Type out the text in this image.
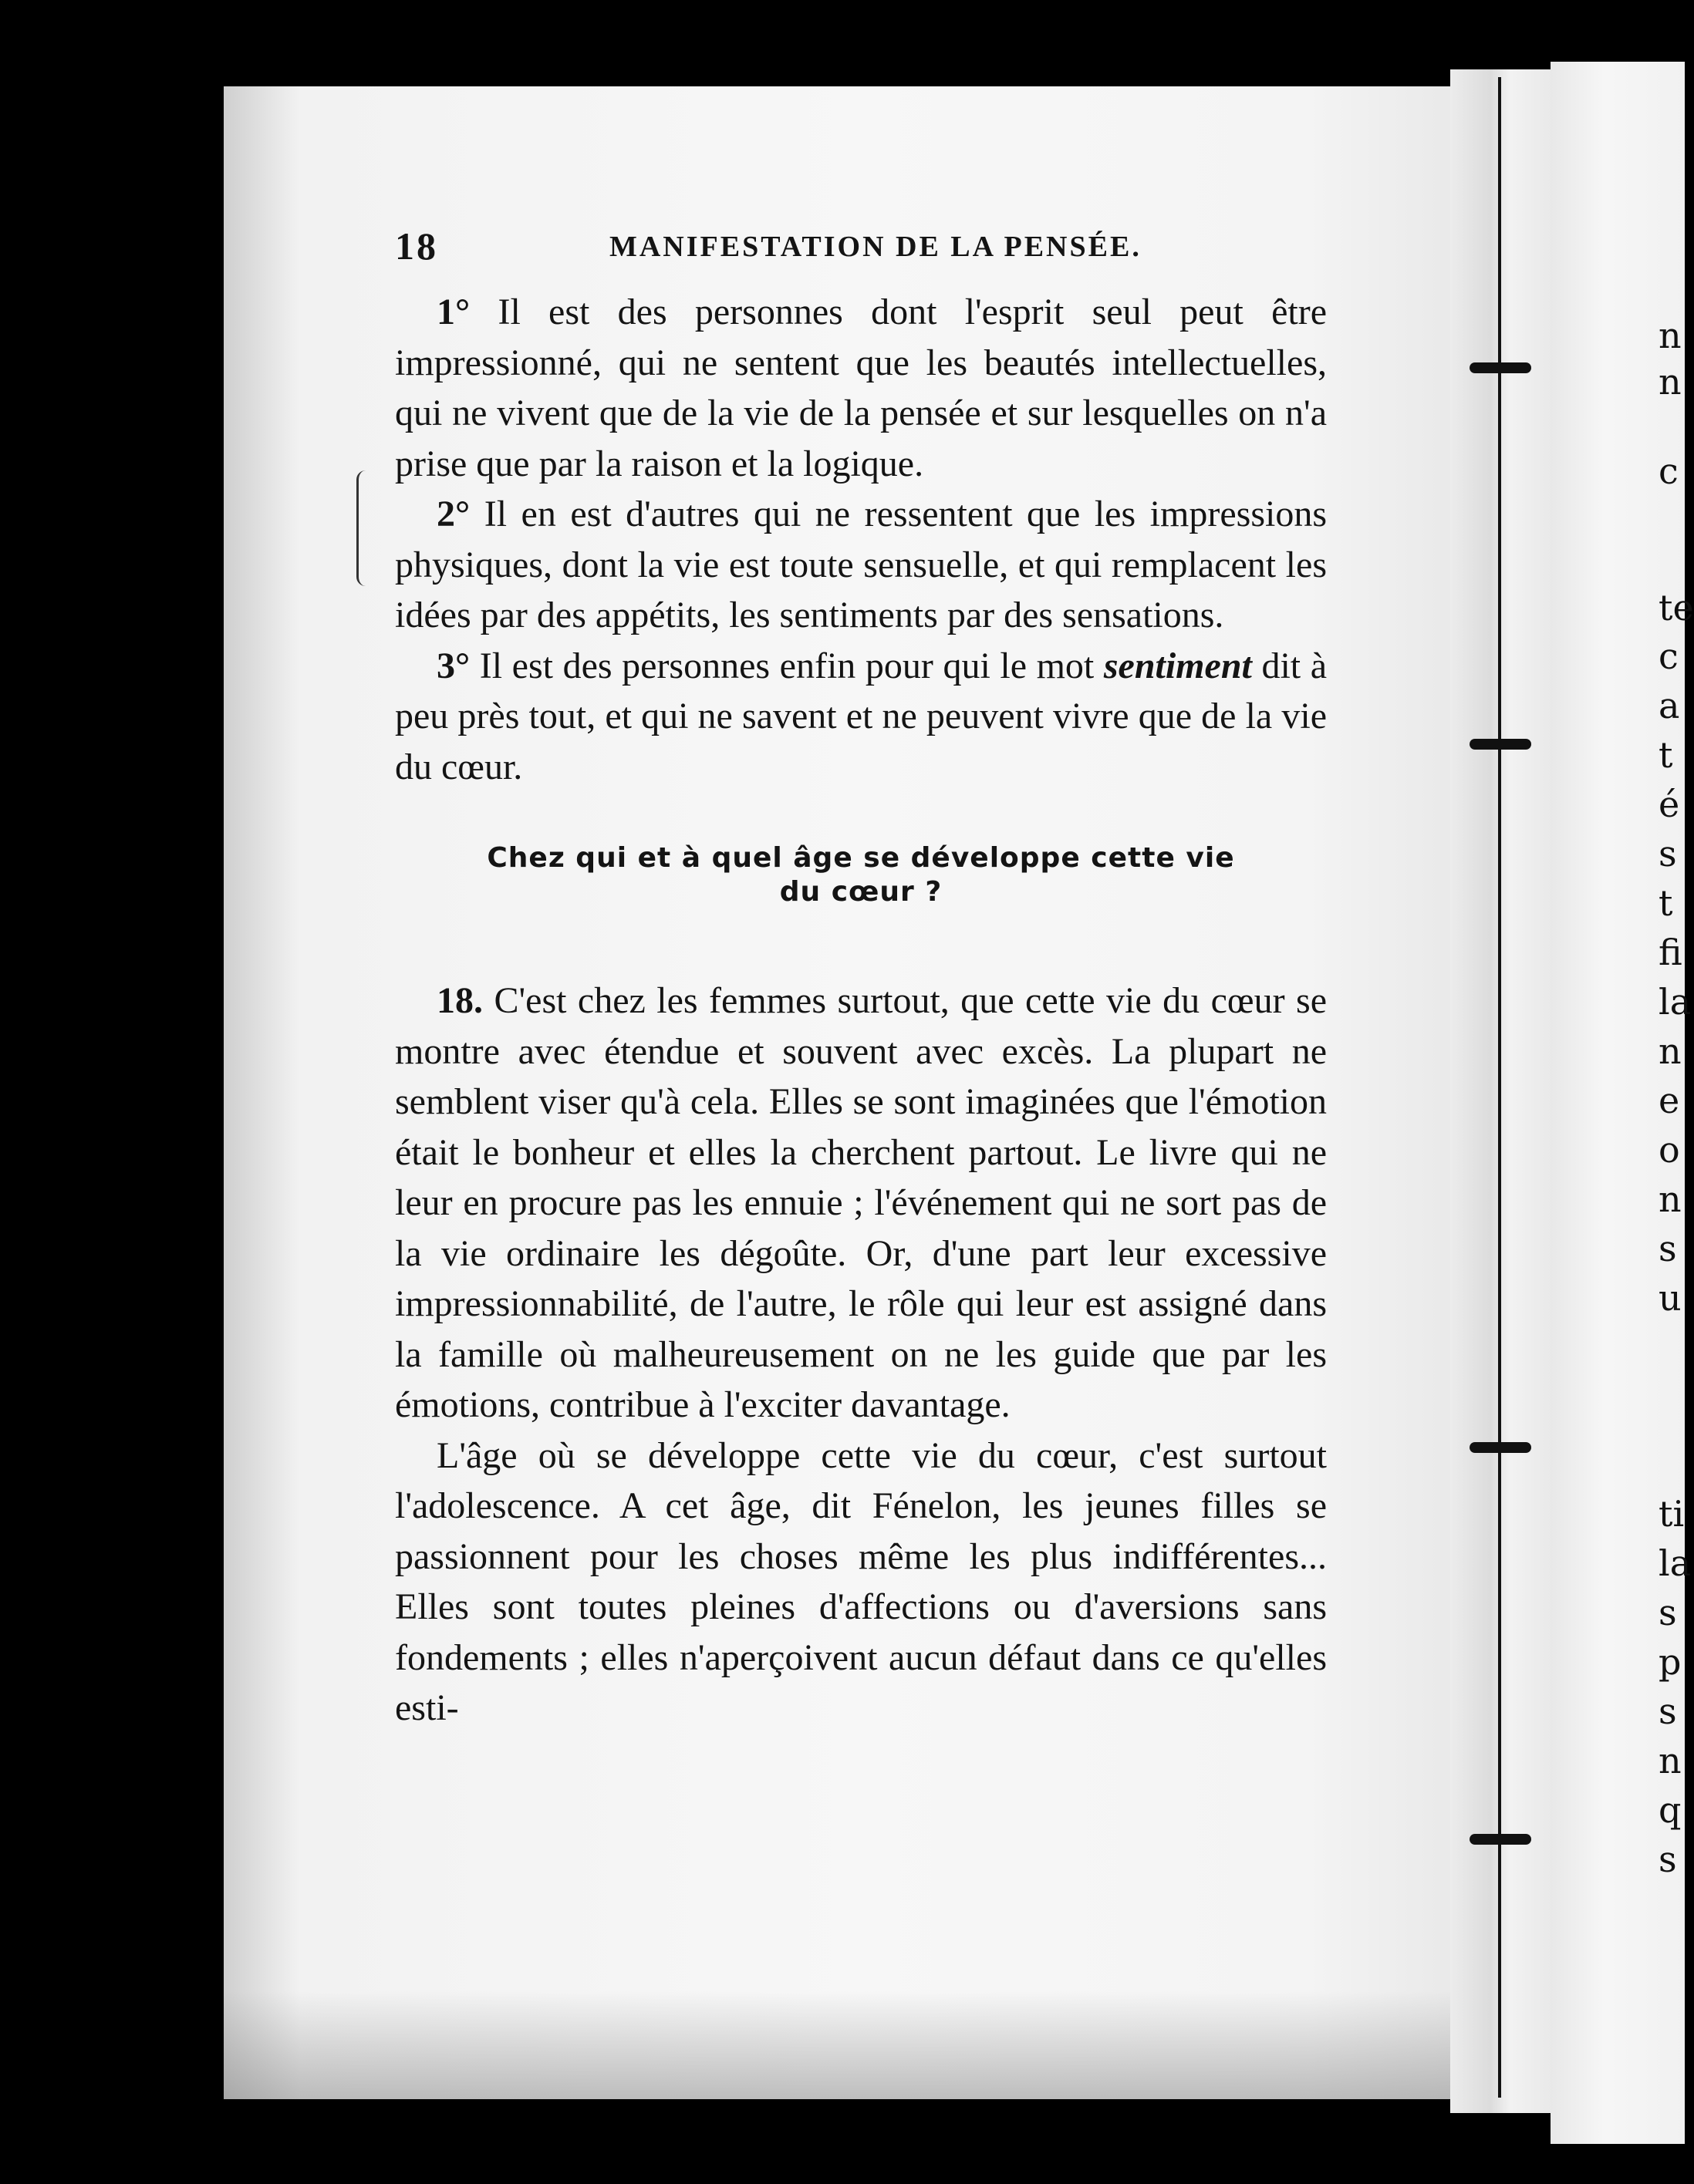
18	MANIFESTATION DE LA PENSÉE.

1° Il est des personnes dont l'esprit seul peut être impressionné, qui ne sentent que les beautés intellectuelles, qui ne vivent que de la vie de la pensée et sur lesquelles on n'a prise que par la raison et la logique.

2° Il en est d'autres qui ne ressentent que les impressions physiques, dont la vie est toute sensuelle, et qui remplacent les idées par des appétits, les sentiments par des sensations.

3° Il est des personnes enfin pour qui le mot sentiment dit à peu près tout, et qui ne savent et ne peuvent vivre que de la vie du cœur.

Chez qui et à quel âge se développe cette vie
du cœur ?

18. C'est chez les femmes surtout, que cette vie du cœur se montre avec étendue et souvent avec excès. La plupart ne semblent viser qu'à cela. Elles se sont imaginées que l'émotion était le bonheur et elles la cherchent partout. Le livre qui ne leur en procure pas les ennuie ; l'événement qui ne sort pas de la vie ordinaire les dégoûte. Or, d'une part leur excessive impressionnabilité, de l'autre, le rôle qui leur est assigné dans la famille où malheureusement on ne les guide que par les émotions, contribue à l'exciter davantage.

L'âge où se développe cette vie du cœur, c'est surtout l'adolescence. A cet âge, dit Fénelon, les jeunes filles se passionnent pour les choses même les plus indifférentes... Elles sont toutes pleines d'affections ou d'aversions sans fondements ; elles n'aperçoivent aucun défaut dans ce qu'elles esti-

n
n
c
te
c
a
t
é
s
t
fi
la
n
e
o
n
s
u
ti
la
s
p
s
n
q
s
